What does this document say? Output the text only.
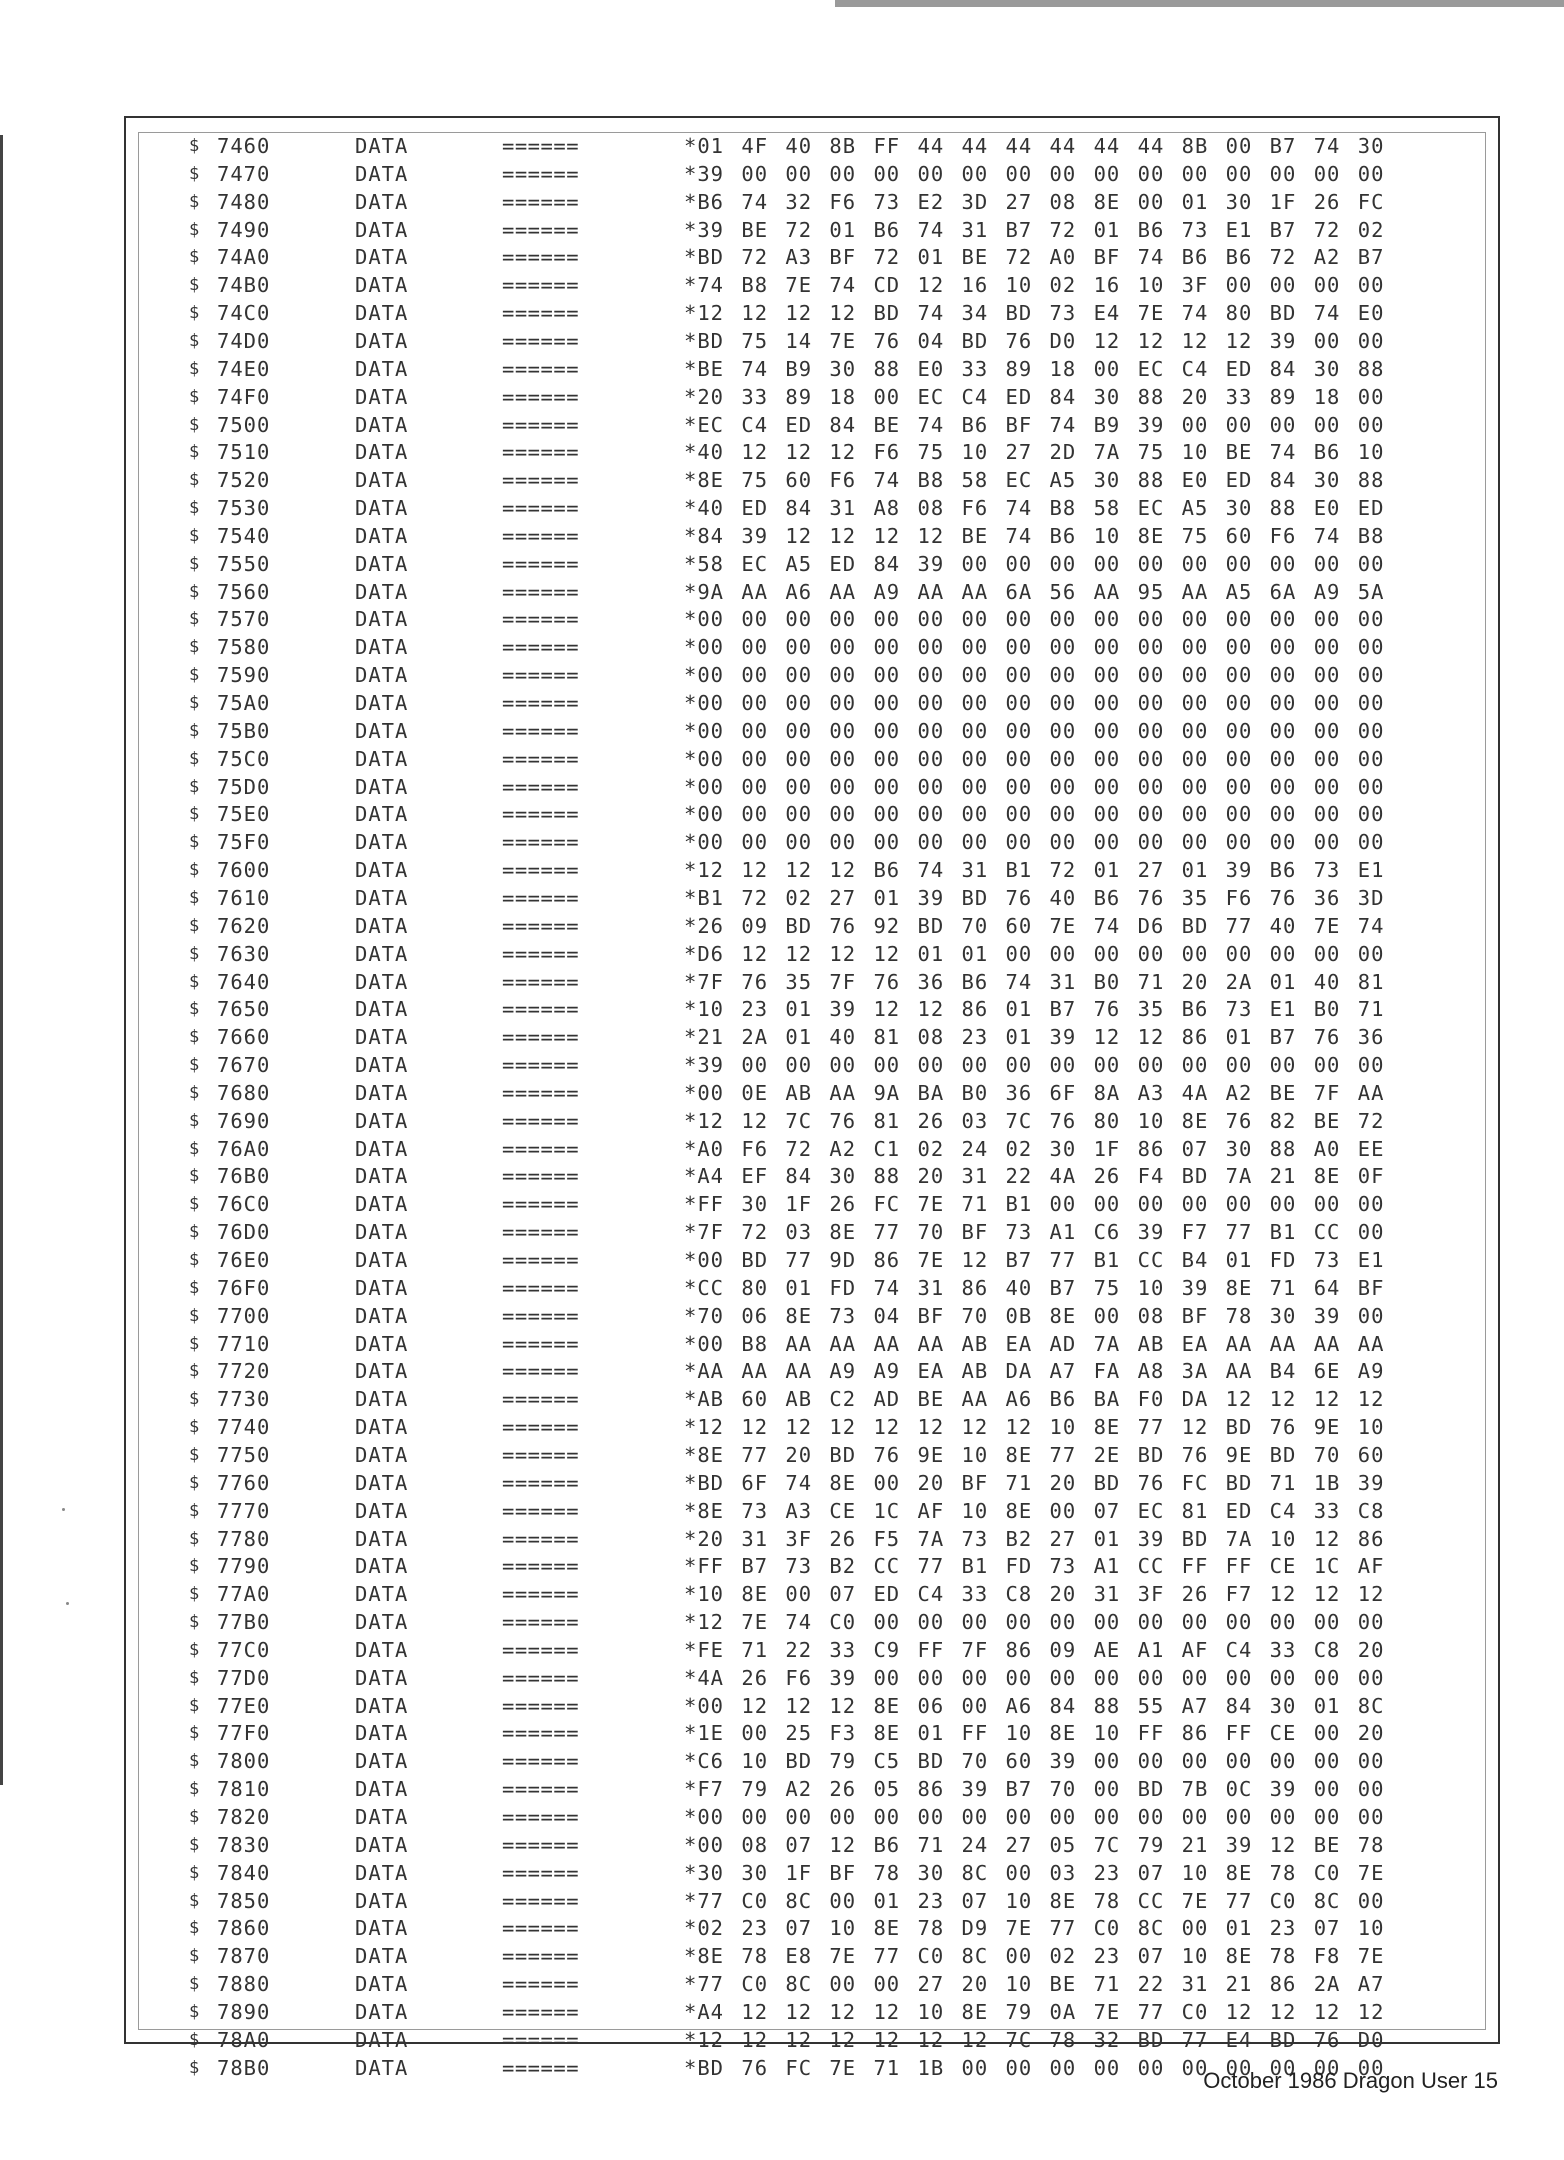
$ 7460	DATA	======	*01 4F 40 8B FF 44 44 44 44 44 44 8B 00 B7 74 30
$ 7470	DATA	======	*39 00 00 00 00 00 00 00 00 00 00 00 00 00 00 00
$ 7480	DATA	======	*B6 74 32 F6 73 E2 3D 27 08 8E 00 01 30 1F 26 FC
$ 7490	DATA	======	*39 BE 72 01 B6 74 31 B7 72 01 B6 73 E1 B7 72 02
$ 74A0	DATA	======	*BD 72 A3 BF 72 01 BE 72 A0 BF 74 B6 B6 72 A2 B7
$ 74B0	DATA	======	*74 B8 7E 74 CD 12 16 10 02 16 10 3F 00 00 00 00
$ 74C0	DATA	======	*12 12 12 12 BD 74 34 BD 73 E4 7E 74 80 BD 74 E0
$ 74D0	DATA	======	*BD 75 14 7E 76 04 BD 76 D0 12 12 12 12 39 00 00
$ 74E0	DATA	======	*BE 74 B9 30 88 E0 33 89 18 00 EC C4 ED 84 30 88
$ 74F0	DATA	======	*20 33 89 18 00 EC C4 ED 84 30 88 20 33 89 18 00
$ 7500	DATA	======	*EC C4 ED 84 BE 74 B6 BF 74 B9 39 00 00 00 00 00
$ 7510	DATA	======	*40 12 12 12 F6 75 10 27 2D 7A 75 10 BE 74 B6 10
$ 7520	DATA	======	*8E 75 60 F6 74 B8 58 EC A5 30 88 E0 ED 84 30 88
$ 7530	DATA	======	*40 ED 84 31 A8 08 F6 74 B8 58 EC A5 30 88 E0 ED
$ 7540	DATA	======	*84 39 12 12 12 12 BE 74 B6 10 8E 75 60 F6 74 B8
$ 7550	DATA	======	*58 EC A5 ED 84 39 00 00 00 00 00 00 00 00 00 00
$ 7560	DATA	======	*9A AA A6 AA A9 AA AA 6A 56 AA 95 AA A5 6A A9 5A
$ 7570	DATA	======	*00 00 00 00 00 00 00 00 00 00 00 00 00 00 00 00
$ 7580	DATA	======	*00 00 00 00 00 00 00 00 00 00 00 00 00 00 00 00
$ 7590	DATA	======	*00 00 00 00 00 00 00 00 00 00 00 00 00 00 00 00
$ 75A0	DATA	======	*00 00 00 00 00 00 00 00 00 00 00 00 00 00 00 00
$ 75B0	DATA	======	*00 00 00 00 00 00 00 00 00 00 00 00 00 00 00 00
$ 75C0	DATA	======	*00 00 00 00 00 00 00 00 00 00 00 00 00 00 00 00
$ 75D0	DATA	======	*00 00 00 00 00 00 00 00 00 00 00 00 00 00 00 00
$ 75E0	DATA	======	*00 00 00 00 00 00 00 00 00 00 00 00 00 00 00 00
$ 75F0	DATA	======	*00 00 00 00 00 00 00 00 00 00 00 00 00 00 00 00
$ 7600	DATA	======	*12 12 12 12 B6 74 31 B1 72 01 27 01 39 B6 73 E1
$ 7610	DATA	======	*B1 72 02 27 01 39 BD 76 40 B6 76 35 F6 76 36 3D
$ 7620	DATA	======	*26 09 BD 76 92 BD 70 60 7E 74 D6 BD 77 40 7E 74
$ 7630	DATA	======	*D6 12 12 12 12 01 01 00 00 00 00 00 00 00 00 00
$ 7640	DATA	======	*7F 76 35 7F 76 36 B6 74 31 B0 71 20 2A 01 40 81
$ 7650	DATA	======	*10 23 01 39 12 12 86 01 B7 76 35 B6 73 E1 B0 71
$ 7660	DATA	======	*21 2A 01 40 81 08 23 01 39 12 12 86 01 B7 76 36
$ 7670	DATA	======	*39 00 00 00 00 00 00 00 00 00 00 00 00 00 00 00
$ 7680	DATA	======	*00 0E AB AA 9A BA B0 36 6F 8A A3 4A A2 BE 7F AA
$ 7690	DATA	======	*12 12 7C 76 81 26 03 7C 76 80 10 8E 76 82 BE 72
$ 76A0	DATA	======	*A0 F6 72 A2 C1 02 24 02 30 1F 86 07 30 88 A0 EE
$ 76B0	DATA	======	*A4 EF 84 30 88 20 31 22 4A 26 F4 BD 7A 21 8E 0F
$ 76C0	DATA	======	*FF 30 1F 26 FC 7E 71 B1 00 00 00 00 00 00 00 00
$ 76D0	DATA	======	*7F 72 03 8E 77 70 BF 73 A1 C6 39 F7 77 B1 CC 00
$ 76E0	DATA	======	*00 BD 77 9D 86 7E 12 B7 77 B1 CC B4 01 FD 73 E1
$ 76F0	DATA	======	*CC 80 01 FD 74 31 86 40 B7 75 10 39 8E 71 64 BF
$ 7700	DATA	======	*70 06 8E 73 04 BF 70 0B 8E 00 08 BF 78 30 39 00
$ 7710	DATA	======	*00 B8 AA AA AA AA AB EA AD 7A AB EA AA AA AA AA
$ 7720	DATA	======	*AA AA AA A9 A9 EA AB DA A7 FA A8 3A AA B4 6E A9
$ 7730	DATA	======	*AB 60 AB C2 AD BE AA A6 B6 BA F0 DA 12 12 12 12
$ 7740	DATA	======	*12 12 12 12 12 12 12 12 10 8E 77 12 BD 76 9E 10
$ 7750	DATA	======	*8E 77 20 BD 76 9E 10 8E 77 2E BD 76 9E BD 70 60
$ 7760	DATA	======	*BD 6F 74 8E 00 20 BF 71 20 BD 76 FC BD 71 1B 39
$ 7770	DATA	======	*8E 73 A3 CE 1C AF 10 8E 00 07 EC 81 ED C4 33 C8
$ 7780	DATA	======	*20 31 3F 26 F5 7A 73 B2 27 01 39 BD 7A 10 12 86
$ 7790	DATA	======	*FF B7 73 B2 CC 77 B1 FD 73 A1 CC FF FF CE 1C AF
$ 77A0	DATA	======	*10 8E 00 07 ED C4 33 C8 20 31 3F 26 F7 12 12 12
$ 77B0	DATA	======	*12 7E 74 C0 00 00 00 00 00 00 00 00 00 00 00 00
$ 77C0	DATA	======	*FE 71 22 33 C9 FF 7F 86 09 AE A1 AF C4 33 C8 20
$ 77D0	DATA	======	*4A 26 F6 39 00 00 00 00 00 00 00 00 00 00 00 00
$ 77E0	DATA	======	*00 12 12 12 8E 06 00 A6 84 88 55 A7 84 30 01 8C
$ 77F0	DATA	======	*1E 00 25 F3 8E 01 FF 10 8E 10 FF 86 FF CE 00 20
$ 7800	DATA	======	*C6 10 BD 79 C5 BD 70 60 39 00 00 00 00 00 00 00
$ 7810	DATA	======	*F7 79 A2 26 05 86 39 B7 70 00 BD 7B 0C 39 00 00
$ 7820	DATA	======	*00 00 00 00 00 00 00 00 00 00 00 00 00 00 00 00
$ 7830	DATA	======	*00 08 07 12 B6 71 24 27 05 7C 79 21 39 12 BE 78
$ 7840	DATA	======	*30 30 1F BF 78 30 8C 00 03 23 07 10 8E 78 C0 7E
$ 7850	DATA	======	*77 C0 8C 00 01 23 07 10 8E 78 CC 7E 77 C0 8C 00
$ 7860	DATA	======	*02 23 07 10 8E 78 D9 7E 77 C0 8C 00 01 23 07 10
$ 7870	DATA	======	*8E 78 E8 7E 77 C0 8C 00 02 23 07 10 8E 78 F8 7E
$ 7880	DATA	======	*77 C0 8C 00 00 27 20 10 BE 71 22 31 21 86 2A A7
$ 7890	DATA	======	*A4 12 12 12 12 10 8E 79 0A 7E 77 C0 12 12 12 12
$ 78A0	DATA	======	*12 12 12 12 12 12 12 7C 78 32 BD 77 E4 BD 76 D0
$ 78B0	DATA	======	*BD 76 FC 7E 71 1B 00 00 00 00 00 00 00 00 00 00
October 1986 Dragon User 15
